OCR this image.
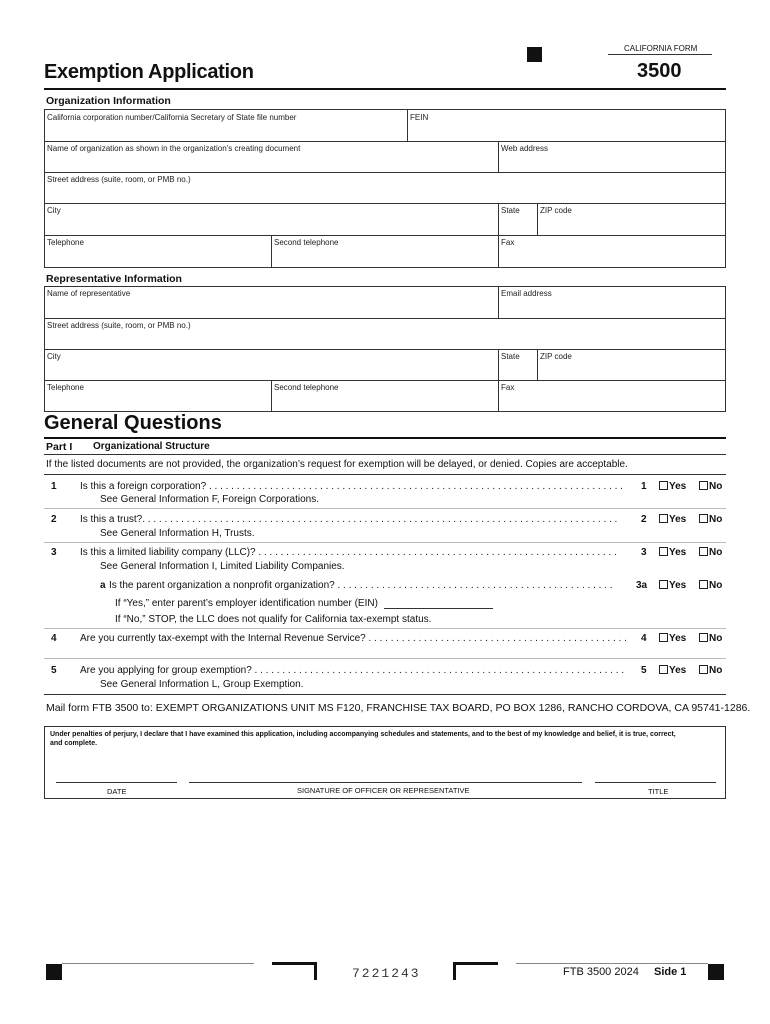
CALIFORNIA FORM
Exemption Application	3500
Organization Information
California corporation number/California Secretary of State file number	FEIN
Name of organization as shown in the organization’s creating document	Web address
Street address (suite, room, or PMB no.)
City	State	ZIP code
Telephone	Second telephone	Fax
Representative Information
Name of representative	Email address
Street address (suite, room, or PMB no.)
City	State	ZIP code
Telephone	Second telephone	Fax
General Questions
Part I Organizational Structure
If the listed documents are not provided, the organization’s request for exemption will be delayed, or denied. Copies are acceptable.
1 Is this a foreign corporation? . . . . . . . . . . . . . . . . . . . . . . . . . . . . . . . . . . . . . . . . . . . . . . . . . . . . . . . . . . . . . . . . . . . . . . . . . . .
See General Information F, Foreign Corporations.
1	Yes	No
2 Is this a trust?. . . . . . . . . . . . . . . . . . . . . . . . . . . . . . . . . . . . . . . . . . . . . . . . . . . . . . . . . . . . . . . . . . . . . . . . . . . . . . . . . . . . . .
See General Information H, Trusts.
2	Yes	No
3 Is this a limited liability company (LLC)? . . . . . . . . . . . . . . . . . . . . . . . . . . . . . . . . . . . . . . . . . . . . . . . . . . . . . . . . . . . . . . . . .
See General Information I, Limited Liability Companies.
3	Yes	No
a Is the parent organization a nonprofit organization? . . . . . . . . . . . . . . . . . . . . . . . . . . . . . . . . . . . . . . . . . . . . . . . . . .	3a	Yes	No
If “Yes,” enter parent’s employer identification number (EIN)
If “No,” STOP, the LLC does not qualify for California tax-exempt status.
4 Are you currently tax-exempt with the Internal Revenue Service? . . . . . . . . . . . . . . . . . . . . . . . . . . . . . . . . . . . . . . . . . . . . . . .	4	Yes	No
5 Are you applying for group exemption? . . . . . . . . . . . . . . . . . . . . . . . . . . . . . . . . . . . . . . . . . . . . . . . . . . . . . . . . . . . . . . . . . . .
See General Information L, Group Exemption.
5	Yes	No
Mail form FTB 3500 to: EXEMPT ORGANIZATIONS UNIT MS F120, FRANCHISE TAX BOARD, PO BOX 1286, RANCHO CORDOVA, CA 95741-1286.
Under penalties of perjury, I declare that I have examined this application, including accompanying schedules and statements, and to the best of my knowledge and belief, it is true, correct, and complete.
DATE	SIGNATURE OF OFFICER OR REPRESENTATIVE	TITLE
7221243	FTB 3500 2024 Side 1
